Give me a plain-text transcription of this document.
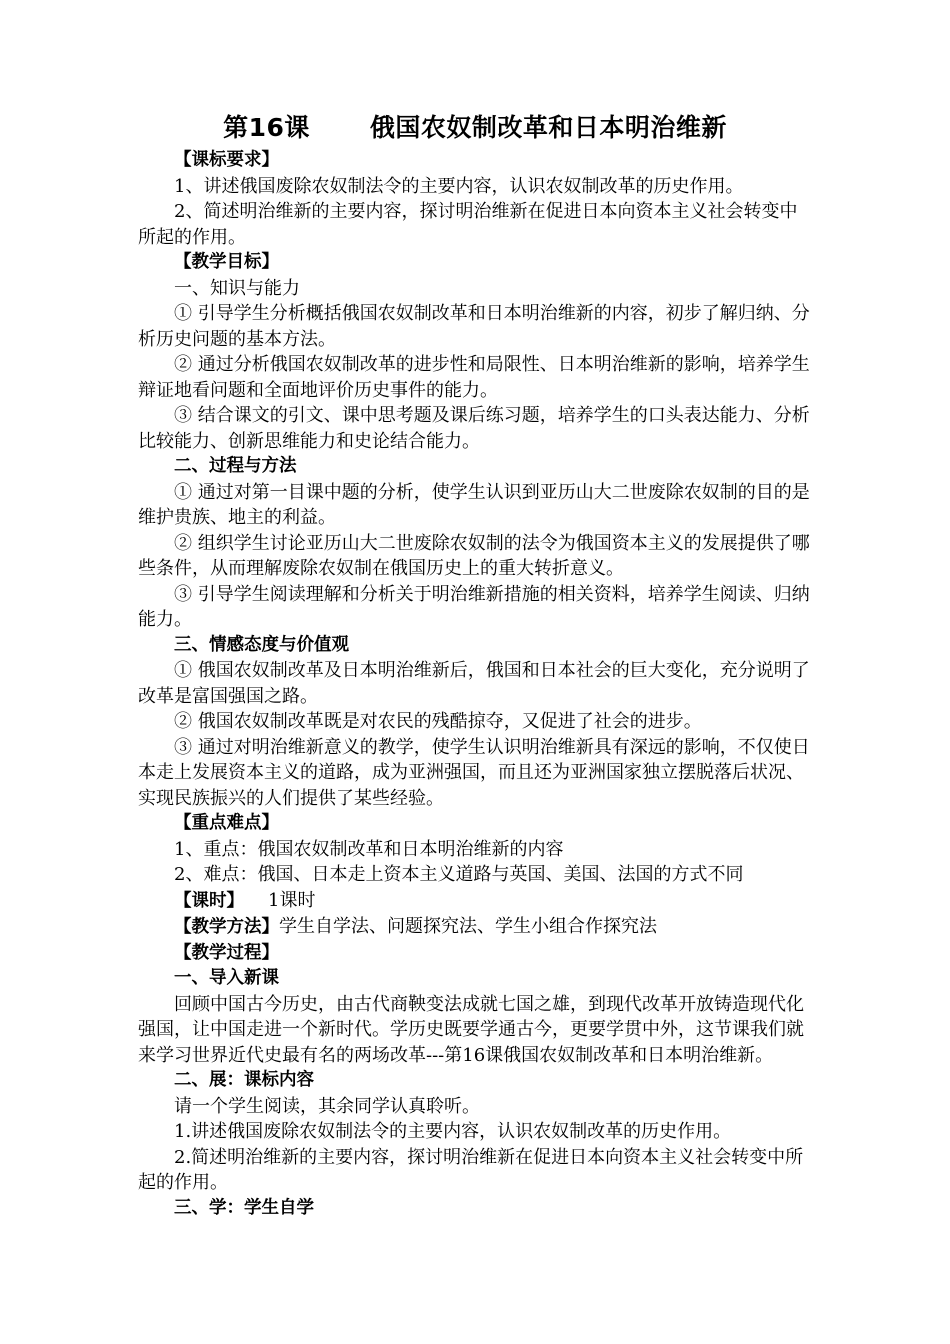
第16课 俄国农奴制改革和日本明治维新

【课标要求】

1、讲述俄国废除农奴制法令的主要内容，认识农奴制改革的历史作用。

2、简述明治维新的主要内容，探讨明治维新在促进日本向资本主义社会转变中所起的作用。

【教学目标】

一、知识与能力

① 引导学生分析概括俄国农奴制改革和日本明治维新的内容，初步了解归纳、分析历史问题的基本方法。

② 通过分析俄国农奴制改革的进步性和局限性、日本明治维新的影响，培养学生辩证地看问题和全面地评价历史事件的能力。

③ 结合课文的引文、课中思考题及课后练习题，培养学生的口头表达能力、分析比较能力、创新思维能力和史论结合能力。

二、过程与方法

① 通过对第一目课中题的分析，使学生认识到亚历山大二世废除农奴制的目的是维护贵族、地主的利益。

② 组织学生讨论亚历山大二世废除农奴制的法令为俄国资本主义的发展提供了哪些条件，从而理解废除农奴制在俄国历史上的重大转折意义。

③ 引导学生阅读理解和分析关于明治维新措施的相关资料，培养学生阅读、归纳能力。

三、情感态度与价值观

① 俄国农奴制改革及日本明治维新后，俄国和日本社会的巨大变化，充分说明了改革是富国强国之路。

② 俄国农奴制改革既是对农民的残酷掠夺，又促进了社会的进步。

③ 通过对明治维新意义的教学，使学生认识明治维新具有深远的影响，不仅使日本走上发展资本主义的道路，成为亚洲强国，而且还为亚洲国家独立摆脱落后状况、实现民族振兴的人们提供了某些经验。

【重点难点】

1、重点：俄国农奴制改革和日本明治维新的内容

2、难点：俄国、日本走上资本主义道路与英国、美国、法国的方式不同

【课时】 1课时

【教学方法】学生自学法、问题探究法、学生小组合作探究法

【教学过程】

一、导入新课

回顾中国古今历史，由古代商鞅变法成就七国之雄，到现代改革开放铸造现代化强国，让中国走进一个新时代。学历史既要学通古今，更要学贯中外，这节课我们就来学习世界近代史最有名的两场改革---第16课俄国农奴制改革和日本明治维新。

二、展：课标内容

请一个学生阅读，其余同学认真聆听。

1.讲述俄国废除农奴制法令的主要内容，认识农奴制改革的历史作用。

2.简述明治维新的主要内容，探讨明治维新在促进日本向资本主义社会转变中所起的作用。

三、学：学生自学
